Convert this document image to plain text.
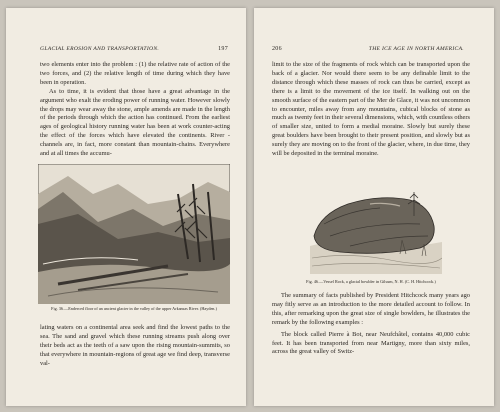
GLACIAL EROSION AND TRANSPORTATION.	197

two elements enter into the problem : (1) the relative rate of action of the two forces, and (2) the relative length of time during which they have been in operation.

As to time, it is evident that those have a great advantage in the argument who exalt the eroding power of running water. However slowly the drops may wear away the stone, ample amends are made in the length of the periods through which the action has continued. From the earliest ages of geological history running water has been at work counter-acting the effect of the forces which have elevated the continents. River - channels are, in fact, more constant than mountain-chains. Everywhere and at all times the accumu-

Fig. 36.—Enderced floor of an ancient glacier in the valley of the upper Arkansas River. (Hayden.)

lating waters on a continental area seek and find the lowest paths to the sea. The sand and gravel which these running streams push along over their beds act as the teeth of a saw upon the rising mountain-summits, so that everywhere in mountain-regions of great age we find deep, transverse val-

206	THE ICE AGE IN NORTH AMERICA.

limit to the size of the fragments of rock which can be transported upon the back of a glacier. Nor would there seem to be any definable limit to the distance through which these masses of rock can thus be carried, except as there is a limit to the movement of the ice itself. In walking out on the smooth surface of the eastern part of the Mer de Glace, it was not uncommon to encounter, miles away from any mountains, cubical blocks of stone as much as twenty feet in their several dimensions, which, with countless others of smaller size, united to form a medial moraine. Slowly but surely these great boulders have been brought to their present position, and slowly but as surely they are moving on to the front of the glacier, where, in due time, they will be deposited in the terminal moraine.

Fig. 46.—Vessel Rock, a glacial bowlder in Gilsum, N. H. (C. H. Hitchcock.)

The summary of facts published by President Hitchcock many years ago may fitly serve as an introduction to the more detailed account to follow. In this, after remarking upon the great size of single bowlders, he illustrates the remark by the following examples :

The block called Pierre à Bot, near Neufchâtel, contains 40,000 cubic feet. It has been transported from near Martigny, more than sixty miles, across the great valley of Switz-
